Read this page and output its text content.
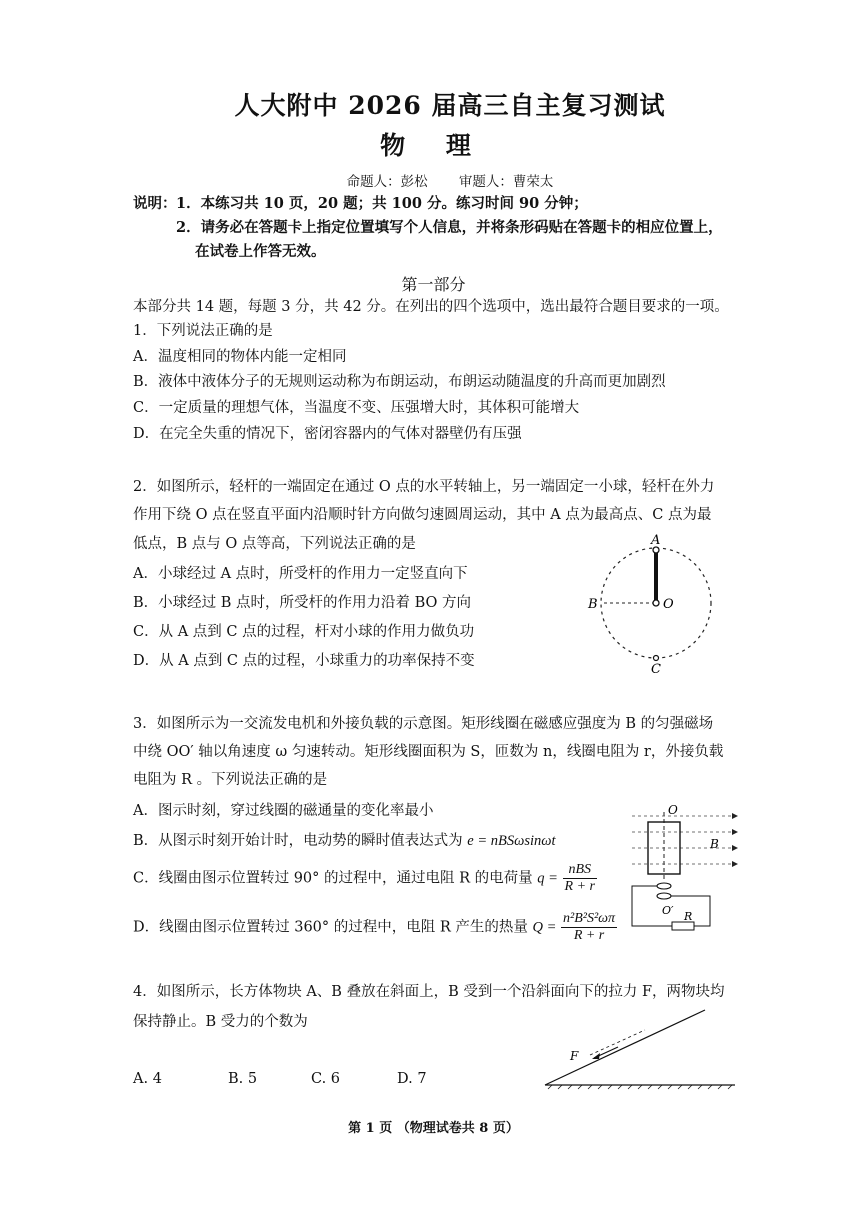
人大附中 2026 届高三自主复习测试
物 理
命题人：彭松　　 审题人：曹荣太
说明： 1．本练习共 10 页，20 题；共 100 分。练习时间 90 分钟；
2．请务必在答题卡上指定位置填写个人信息，并将条形码贴在答题卡的相应位置上，
在试卷上作答无效。
第一部分
本部分共 14 题，每题 3 分，共 42 分。在列出的四个选项中，选出最符合题目要求的一项。
1．下列说法正确的是
A．温度相同的物体内能一定相同
B．液体中液体分子的无规则运动称为布朗运动，布朗运动随温度的升高而更加剧烈
C．一定质量的理想气体，当温度不变、压强增大时，其体积可能增大
D．在完全失重的情况下，密闭容器内的气体对器壁仍有压强
2．如图所示，轻杆的一端固定在通过 O 点的水平转轴上，另一端固定一小球，轻杆在外力
作用下绕 O 点在竖直平面内沿顺时针方向做匀速圆周运动，其中 A 点为最高点、C 点为最
低点，B 点与 O 点等高，下列说法正确的是
A．小球经过 A 点时，所受杆的作用力一定竖直向下
B．小球经过 B 点时，所受杆的作用力沿着 BO 方向
C．从 A 点到 C 点的过程，杆对小球的作用力做负功
D．从 A 点到 C 点的过程，小球重力的功率保持不变
A
B	O
C
3．如图所示为一交流发电机和外接负载的示意图。矩形线圈在磁感应强度为 B 的匀强磁场
中绕 OO′ 轴以角速度 ω 匀速转动。矩形线圈面积为 S，匝数为 n，线圈电阻为 r，外接负载
电阻为 R 。下列说法正确的是
A．图示时刻，穿过线圈的磁通量的变化率最小
B．从图示时刻开始计时，电动势的瞬时值表达式为 e = nBSωsinωt
C．线圈由图示位置转过 90° 的过程中，通过电阻 R 的电荷量 $q = \frac{\text{nBS}}{R + r}$
D．线圈由图示位置转过 360° 的过程中，电阻 R 产生的热量 $Q = \frac{\text{n²B²S²ωπ}}{R + r}$
O
B
O′ R
4．如图所示，长方体物块 A、B 叠放在斜面上，B 受到一个沿斜面向下的拉力 F，两物块均
保持静止。B 受力的个数为
A. 4	B. 5	C. 6	D. 7
F
第 1 页 （物理试卷共 8 页）
